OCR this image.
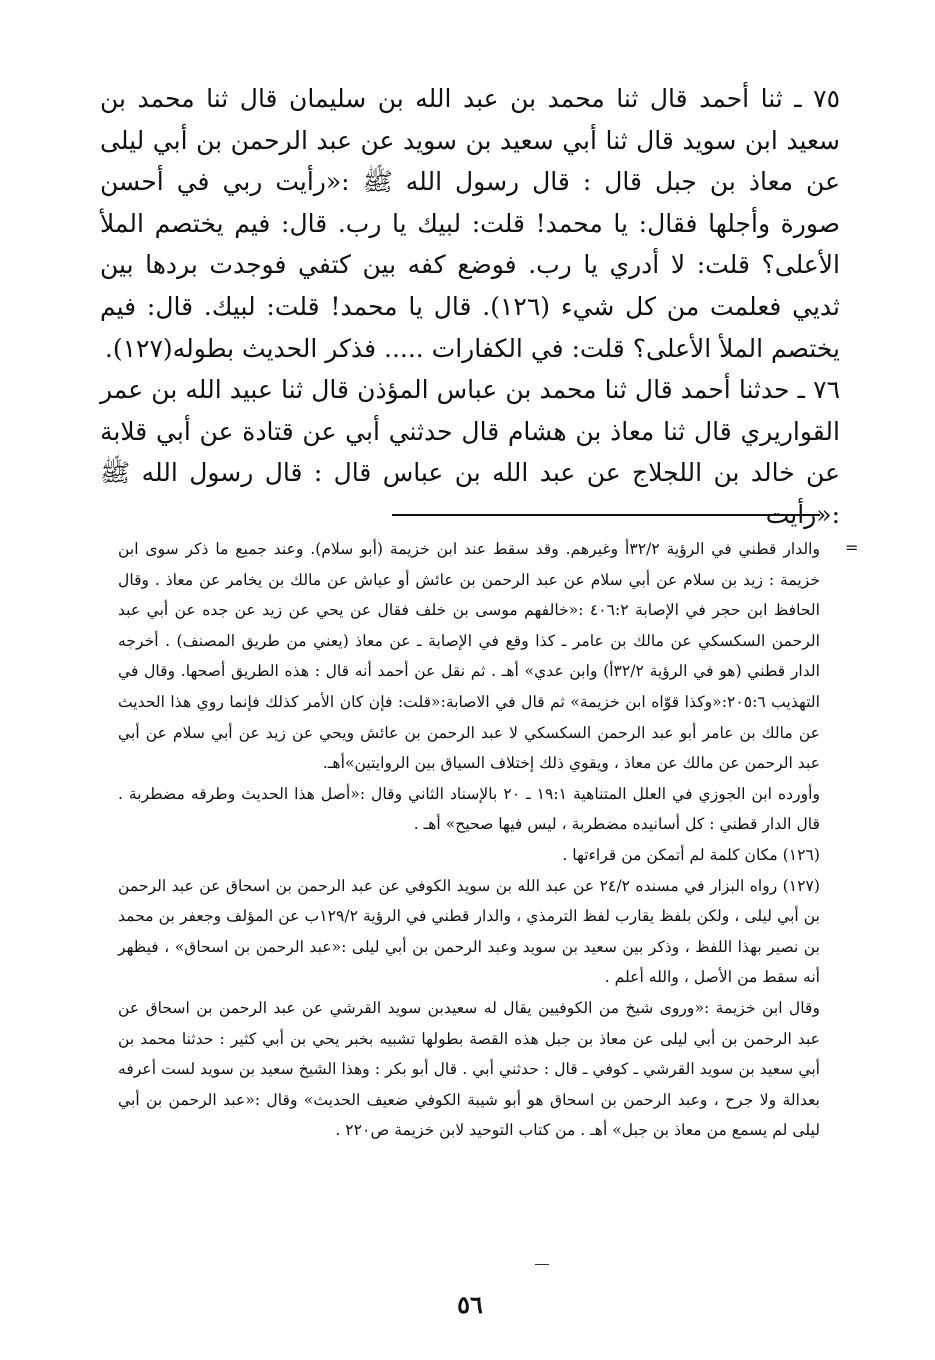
٧٥ ـ ثنا أحمد قال ثنا محمد بن عبد الله بن سليمان قال ثنا محمد بن سعيد ابن سويد قال ثنا أبي سعيد بن سويد عن عبد الرحمن بن أبي ليلى عن معاذ بن جبل قال : قال رسول الله ﷺ :«رأيت ربي في أحسن صورة وأجلها فقال: يا محمد! قلت: لبيك يا رب. قال: فيم يختصم الملأ الأعلى؟ قلت: لا أدري يا رب. فوضع كفه بين كتفي فوجدت بردها بين ثديي فعلمت من كل شيء (١٢٦). قال يا محمد! قلت: لبيك. قال: فيم يختصم الملأ الأعلى؟ قلت: في الكفارات ..... فذكر الحديث بطوله(١٢٧).

٧٦ ـ حدثنا أحمد قال ثنا محمد بن عباس المؤذن قال ثنا عبيد الله بن عمر القواريري قال ثنا معاذ بن هشام قال حدثني أبي عن قتادة عن أبي قلابة عن خالد بن اللجلاج عن عبد الله بن عباس قال : قال رسول الله ﷺ :«رأيت

=

والدار قطني في الرؤية ٣٢/٢أ وغيرهم. وقد سقط عند ابن خزيمة (أبو سلام). وعند جميع ما ذكر سوى ابن خزيمة : زيد بن سلام عن أبي سلام عن عبد الرحمن بن عائش أو عياش عن مالك بن يخامر عن معاذ . وقال الحافظ ابن حجر في الإصابة ٤٠٦:٢ :«خالفهم موسى بن خلف فقال عن يحي عن زيد عن جده عن أبي عبد الرحمن السكسكي عن مالك بن عامر ـ كذا وقع في الإصابة ـ عن معاذ (يعني من طريق المصنف) . أخرجه الدار قطني (هو في الرؤية ٣٢/٢أ) وابن عدي» أهـ . ثم نقل عن أحمد أنه قال : هذه الطريق أصحها. وقال في التهذيب ٢٠٥:٦:«وكذا قوّاه ابن خزيمة» ثم قال في الاصابة:«قلت: فإن كان الأمر كذلك فإنما روي هذا الحديث عن مالك بن عامر أبو عبد الرحمن السكسكي لا عبد الرحمن بن عائش ويحي عن زيد عن أبي سلام عن أبي عبد الرحمن عن مالك عن معاذ ، ويقوي ذلك إختلاف السياق بين الروايتين»أهـ.

وأورده ابن الجوزي في العلل المتناهية ١٩:١ ـ ٢٠ بالإسناد الثاني وقال :«أصل هذا الحديث وطرقه مضطربة . قال الدار قطني : كل أسانيده مضطربة ، ليس فيها صحيح» أهـ .

(١٢٦) مكان كلمة لم أتمكن من قراءتها .

(١٢٧) رواه البزار في مسنده ٢٤/٢ عن عبد الله بن سويد الكوفي عن عبد الرحمن بن اسحاق عن عبد الرحمن بن أبي ليلى ، ولكن بلفظ يقارب لفظ الترمذي ، والدار قطني في الرؤية ١٢٩/٢ب عن المؤلف وجعفر بن محمد بن نصير بهذا اللفظ ، وذكر بين سعيد بن سويد وعبد الرحمن بن أبي ليلى :«عبد الرحمن بن اسحاق» ، فيظهر أنه سقط من الأصل ، والله أعلم .

وقال ابن خزيمة :«وروى شيخ من الكوفيين يقال له سعيدبن سويد القرشي عن عبد الرحمن بن اسحاق عن عبد الرحمن بن أبي ليلى عن معاذ بن جبل هذه القصة بطولها تشبيه بخبر يحي بن أبي كثير : حدثنا محمد بن أبي سعيد بن سويد القرشي ـ كوفي ـ قال : حدثني أبي . قال أبو بكر : وهذا الشيخ سعيد بن سويد لست أعرفه بعدالة ولا جرح ، وعبد الرحمن بن اسحاق هو أبو شيبة الكوفي ضعيف الحديث» وقال :«عبد الرحمن بن أبي ليلى لم يسمع من معاذ بن جبل» أهـ . من كتاب التوحيد لابن خزيمة ص٢٢٠ .

٥٦
